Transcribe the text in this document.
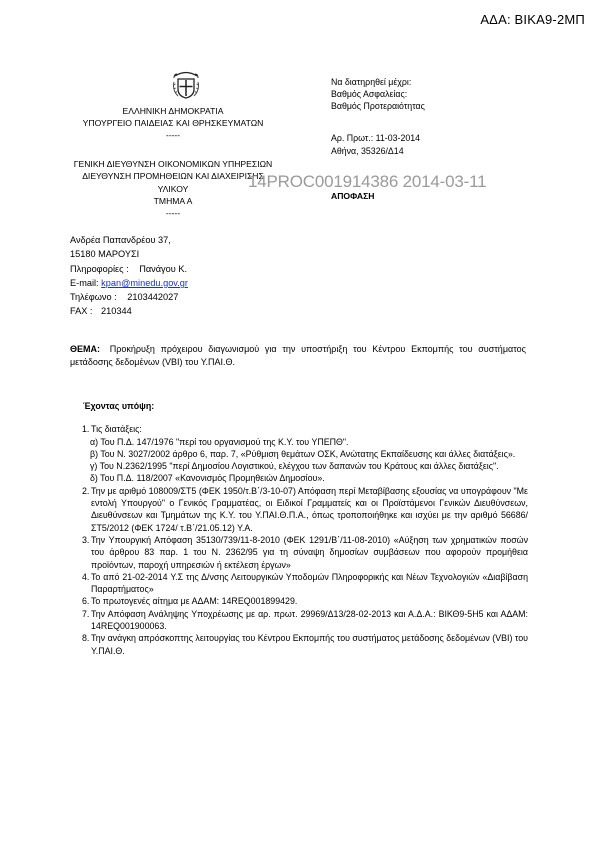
ΑΔΑ: ΒΙΚΑ9-2ΜΠ
ΕΛΛΗΝΙΚΗ ΔΗΜΟΚΡΑΤΙΑ
ΥΠΟΥΡΓΕΙΟ ΠΑΙΔΕΙΑΣ ΚΑΙ ΘΡΗΣΚΕΥΜΑΤΩΝ
-----
ΓΕΝΙΚΗ ΔΙΕΥΘΥΝΣΗ ΟΙΚΟΝΟΜΙΚΩΝ ΥΠΗΡΕΣΙΩΝ
ΔΙΕΥΘΥΝΣΗ ΠΡΟΜΗΘΕΙΩΝ ΚΑΙ ΔΙΑΧΕΙΡΙΣΗΣ
ΥΛΙΚΟΥ
ΤΜΗΜΑ Α
-----
14PROC001914386 2014-03-11
Να διατηρηθεί μέχρι:
Βαθμός Ασφαλείας:
Βαθμός Προτεραιότητας
Αρ. Πρωτ.: 11-03-2014
Αθήνα, 35326/Δ14
ΑΠΟΦΑΣΗ
Ανδρέα Παπανδρέου 37,
15180 ΜΑΡΟΥΣΙ
Πληροφορίες : Πανάγου Κ.
E-mail: kpan@minedu.gov.gr
Τηλέφωνο : 2103442027
FAX : 210344
ΘΕΜΑ: Προκήρυξη πρόχειρου διαγωνισμού για την υποστήριξη του Κέντρου Εκπομπής του συστήματος μετάδοσης δεδομένων (VBI) του Υ.ΠΑΙ.Θ.

Έχοντας υπόψη:

1. Τις διατάξεις:
α) Του Π.Δ. 147/1976 "περί του οργανισμού της Κ.Υ. του ΥΠΕΠΘ".
β) Του Ν. 3027/2002 άρθρο 6, παρ. 7, «Ρύθμιση θεμάτων ΟΣΚ, Ανώτατης Εκπαίδευσης και άλλες διατάξεις».
γ) Του Ν.2362/1995 "περί Δημοσίου Λογιστικού, ελέγχου των δαπανών του Κράτους και άλλες διατάξεις".
δ) Του Π.Δ. 118/2007 «Κανονισμός Προμηθειών Δημοσίου».
2. Την με αριθμό 108009/ΣΤ5 (ΦΕΚ 1950/τ.Β΄/3-10-07) Απόφαση περί Μεταβίβασης εξουσίας να υπογράφουν "Με εντολή Υπουργού" ο Γενικός Γραμματέας, οι Ειδικοί Γραμματείς και οι Προϊστάμενοι Γενικών Διευθύνσεων, Διευθύνσεων και Τμημάτων της Κ.Υ. του Υ.ΠΑΙ.Θ.Π.Α., όπως τροποποιήθηκε και ισχύει με την αριθμό 56686/ΣΤ5/2012 (ΦΕΚ 1724/ τ.Β΄/21.05.12) Υ.Α.
3. Την Υπουργική Απόφαση 35130/739/11-8-2010 (ΦΕΚ 1291/Β΄/11-08-2010) «Αύξηση των χρηματικών ποσών του άρθρου 83 παρ. 1 του Ν. 2362/95 για τη σύναψη δημοσίων συμβάσεων που αφορούν προμήθεια προϊόντων, παροχή υπηρεσιών ή εκτέλεση έργων»
4. Το από 21-02-2014 Υ.Σ της Δ/νσης Λειτουργικών Υποδομών Πληροφορικής και Νέων Τεχνολογιών «Διαβίβαση Παραρτήματος»
6. Το πρωτογενές αίτημα με ΑΔΑΜ: 14REQ001899429.
7. Την Απόφαση Ανάληψης Υποχρέωσης με αρ. πρωτ. 29969/Δ13/28-02-2013 και Α.Δ.Α.: ΒΙΚΘ9-5Η5 και ΑΔΑΜ: 14REQ001900063.
8. Την ανάγκη απρόσκοπτης λειτουργίας του Κέντρου Εκπομπής του συστήματος μετάδοσης δεδομένων (VBI) του Υ.ΠΑΙ.Θ.
